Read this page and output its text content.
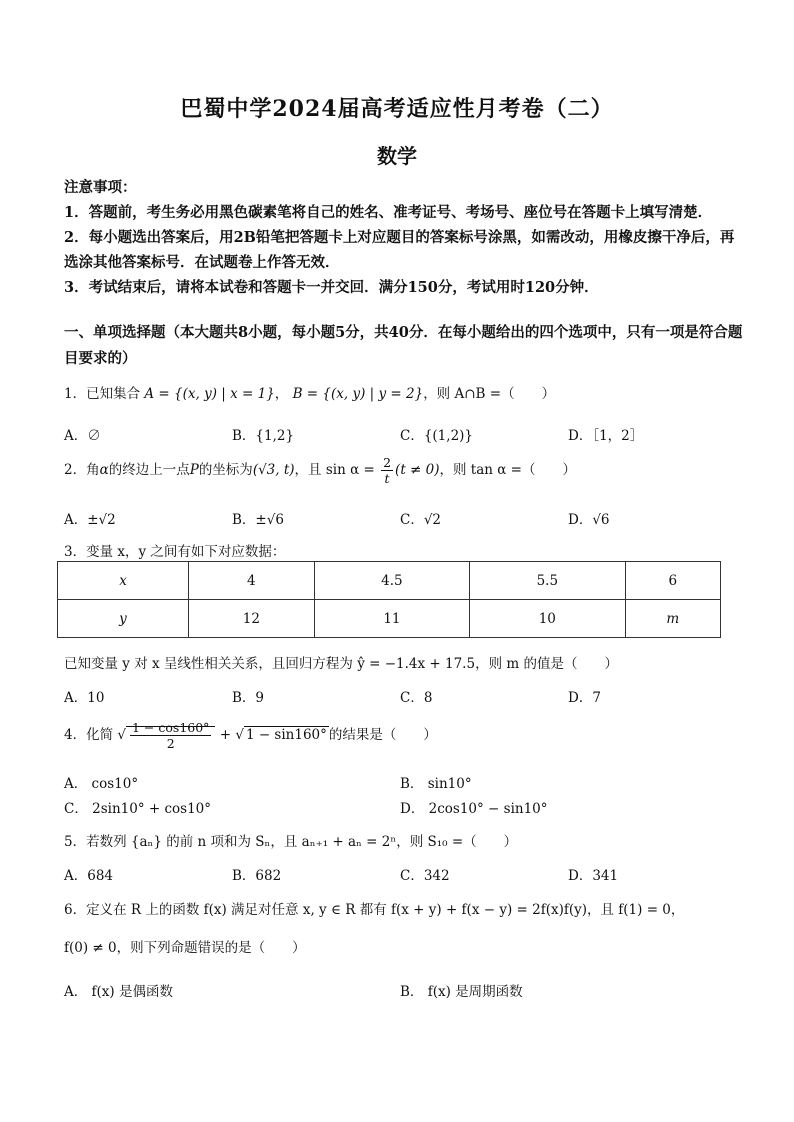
巴蜀中学2024届高考适应性月考卷（二）
数学

注意事项：

1．答题前，考生务必用黑色碳素笔将自己的姓名、准考证号、考场号、座位号在答题卡上填写清楚．

2．每小题选出答案后，用2B铅笔把答题卡上对应题目的答案标号涂黑，如需改动，用橡皮擦干净后，再选涂其他答案标号．在试题卷上作答无效．

3．考试结束后，请将本试卷和答题卡一并交回．满分150分，考试用时120分钟．

一、单项选择题（本大题共8小题，每小题5分，共40分．在每小题给出的四个选项中，只有一项是符合题目要求的）

1．已知集合 A = {(x, y) | x = 1}， B = {(x, y) | y = 2}，则 A∩B =（　　）
A．∅	B．{1,2}	C．{(1,2)}	D．［1，2］
2．角α的终边上一点P的坐标为(√3, t)，且 $\sin \alpha = \frac{2}{t} (t \ne 0)$，则 tan α =（　　）
A．±√2	B．±√6	C．√2	D．√6
3．变量 x，y 之间有如下对应数据：
x	4	4.5	5.5	6
y	12	11	10	m
已知变量 y 对 x 呈线性相关关系，且回归方程为 ŷ = −1.4x + 17.5，则 m 的值是（　　）
A．10	B．9	C．8	D．7
4．化简 √ $\frac{1 - \cos 160^\circ}{2}$ + √ 1 − sin160° 的结果是（　　）
A． cos10°	B． sin10°
C． 2sin10° + cos10°	D． 2cos10° − sin10°
5．若数列 {aₙ} 的前 n 项和为 Sₙ，且 aₙ₊₁ + aₙ = 2ⁿ，则 S₁₀ =（　　）
A．684	B．682	C．342	D．341
6．定义在 R 上的函数 f(x) 满足对任意 x, y ∈ R 都有 f(x + y) + f(x − y) = 2f(x)f(y)，且 f(1) = 0，
f(0) ≠ 0，则下列命题错误的是（　　）
A． f(x) 是偶函数	B． f(x) 是周期函数
